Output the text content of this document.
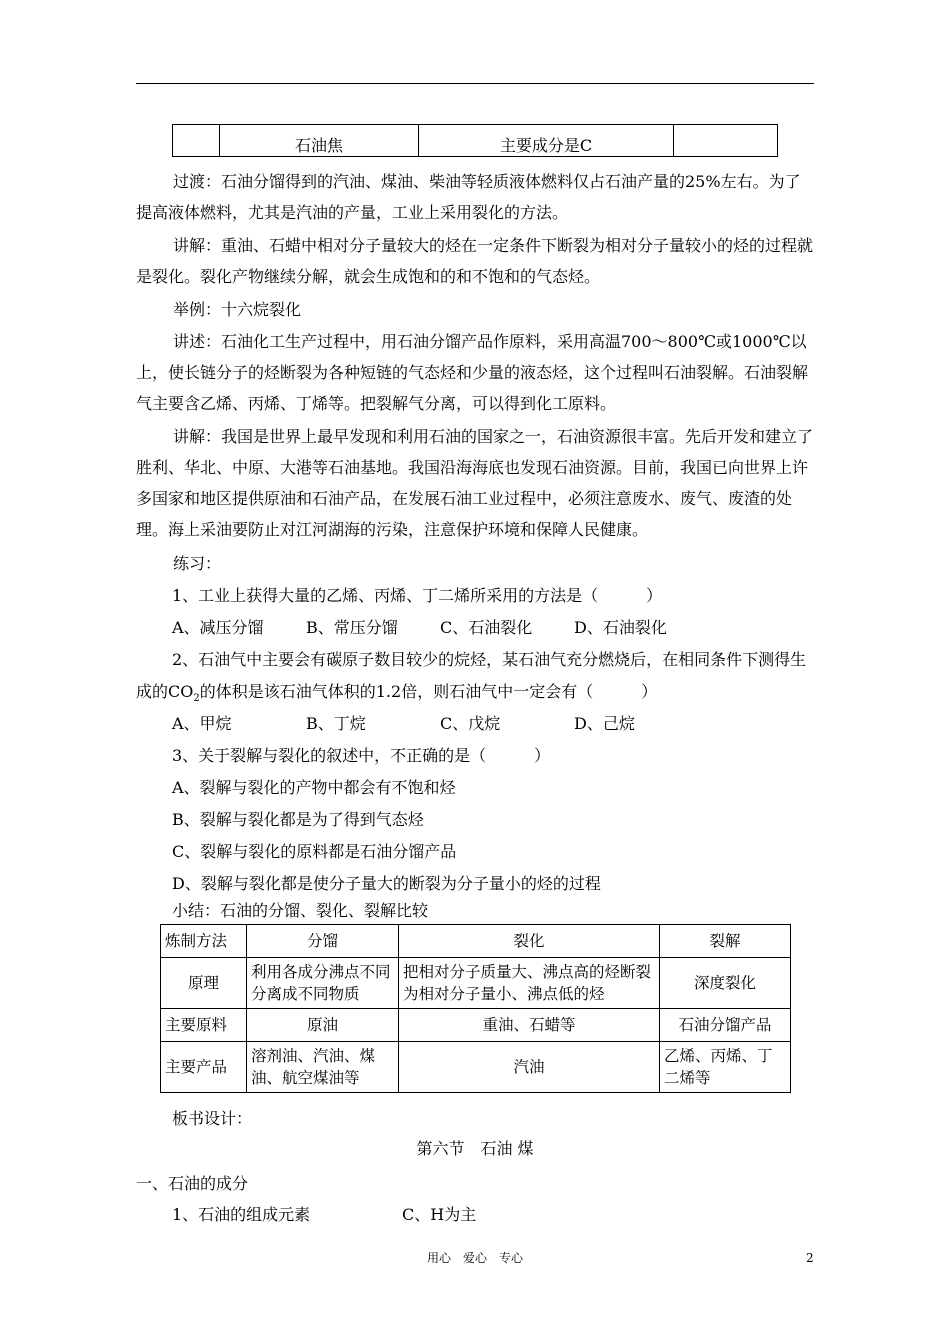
	石油焦	主要成分是C	

过渡：石油分馏得到的汽油、煤油、柴油等轻质液体燃料仅占石油产量的25%左右。为了提高液体燃料，尤其是汽油的产量，工业上采用裂化的方法。

讲解：重油、石蜡中相对分子量较大的烃在一定条件下断裂为相对分子量较小的烃的过程就是裂化。裂化产物继续分解，就会生成饱和的和不饱和的气态烃。

举例：十六烷裂化

讲述：石油化工生产过程中，用石油分馏产品作原料，采用高温700～800℃或1000℃以上，使长链分子的烃断裂为各种短链的气态烃和少量的液态烃，这个过程叫石油裂解。石油裂解气主要含乙烯、丙烯、丁烯等。把裂解气分离，可以得到化工原料。

讲解：我国是世界上最早发现和利用石油的国家之一，石油资源很丰富。先后开发和建立了胜利、华北、中原、大港等石油基地。我国沿海海底也发现石油资源。目前，我国已向世界上许多国家和地区提供原油和石油产品，在发展石油工业过程中，必须注意废水、废气、废渣的处理。海上采油要防止对江河湖海的污染，注意保护环境和保障人民健康。

练习：

1、工业上获得大量的乙烯、丙烯、丁二烯所采用的方法是（　　　）
A、减压分馏	B、常压分馏	C、石油裂化	D、石油裂化
2、石油气中主要会有碳原子数目较少的烷烃，某石油气充分燃烧后，在相同条件下测得生
成的$CO_2$的体积是该石油气体积的1.2倍，则石油气中一定会有（　　　）
A、甲烷	B、丁烷	C、戊烷	D、己烷
3、关于裂解与裂化的叙述中，不正确的是（　　　）
A、裂解与裂化的产物中都会有不饱和烃
B、裂解与裂化都是为了得到气态烃
C、裂解与裂化的原料都是石油分馏产品
D、裂解与裂化都是使分子量大的断裂为分子量小的烃的过程
小结：石油的分馏、裂化、裂解比较
炼制方法	分馏	裂化	裂解
原理	利用各成分沸点不同分离成不同物质	把相对分子质量大、沸点高的烃断裂为相对分子量小、沸点低的烃	深度裂化
主要原料	原油	重油、石蜡等	石油分馏产品
主要产品	溶剂油、汽油、煤油、航空煤油等	汽油	乙烯、丙烯、丁二烯等
板书设计：
第六节　石油 煤
一、石油的成分
1、石油的组成元素	C、H为主
用心　爱心　专心	2
